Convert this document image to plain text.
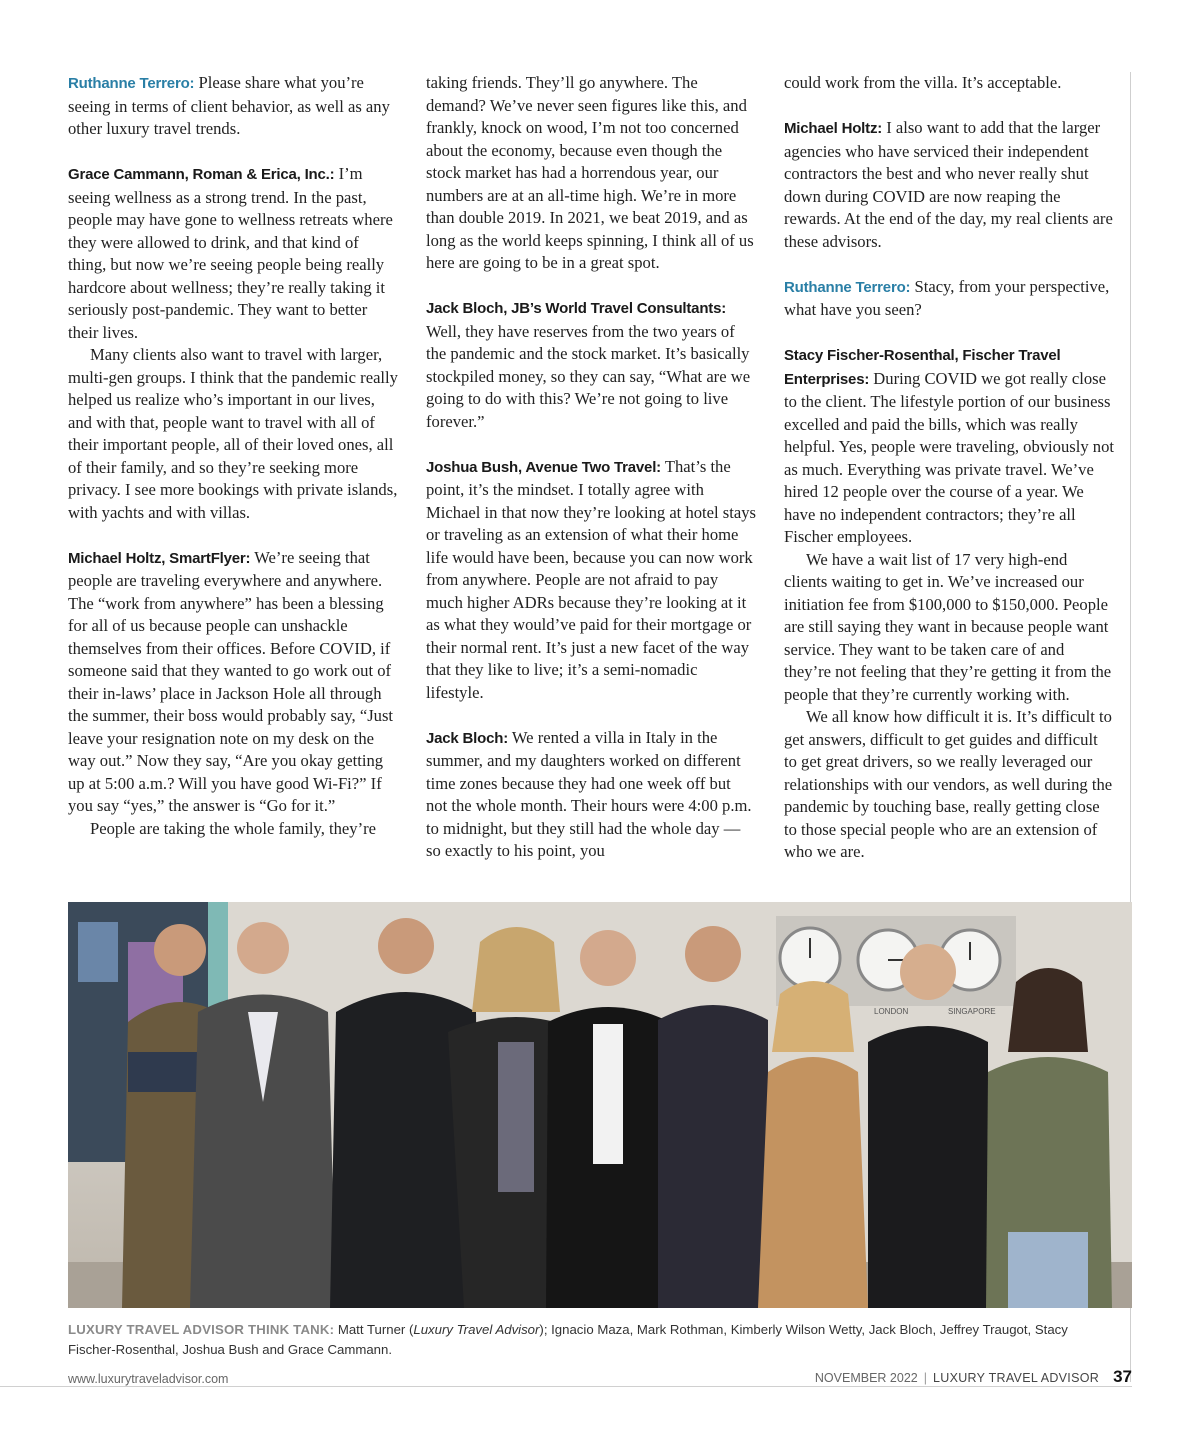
Ruthanne Terrero: Please share what you’re seeing in terms of client behavior, as well as any other luxury travel trends.

Grace Cammann, Roman & Erica, Inc.: I’m seeing wellness as a strong trend. In the past, people may have gone to wellness retreats where they were allowed to drink, and that kind of thing, but now we’re seeing people being really hardcore about wellness; they’re really taking it seriously post-pandemic. They want to better their lives.

Many clients also want to travel with larger, multi-gen groups. I think that the pandemic really helped us realize who’s important in our lives, and with that, people want to travel with all of their important people, all of their loved ones, all of their family, and so they’re seeking more privacy. I see more bookings with private islands, with yachts and with villas.

Michael Holtz, SmartFlyer: We’re seeing that people are traveling everywhere and anywhere. The “work from anywhere” has been a blessing for all of us because people can unshackle themselves from their offices. Before COVID, if someone said that they wanted to go work out of their in-laws’ place in Jackson Hole all through the summer, their boss would probably say, “Just leave your resignation note on my desk on the way out.” Now they say, “Are you okay getting up at 5:00 a.m.? Will you have good Wi-Fi?” If you say “yes,” the answer is “Go for it.”

People are taking the whole family, they’re

taking friends. They’ll go anywhere. The demand? We’ve never seen figures like this, and frankly, knock on wood, I’m not too concerned about the economy, because even though the stock market has had a horrendous year, our numbers are at an all-time high. We’re in more than double 2019. In 2021, we beat 2019, and as long as the world keeps spinning, I think all of us here are going to be in a great spot.

Jack Bloch, JB’s World Travel Consultants: Well, they have reserves from the two years of the pandemic and the stock market. It’s basically stockpiled money, so they can say, “What are we going to do with this? We’re not going to live forever.”

Joshua Bush, Avenue Two Travel: That’s the point, it’s the mindset. I totally agree with Michael in that now they’re looking at hotel stays or traveling as an extension of what their home life would have been, because you can now work from anywhere. People are not afraid to pay much higher ADRs because they’re looking at it as what they would’ve paid for their mortgage or their normal rent. It’s just a new facet of the way that they like to live; it’s a semi-nomadic lifestyle.

Jack Bloch: We rented a villa in Italy in the summer, and my daughters worked on different time zones because they had one week off but not the whole month. Their hours were 4:00 p.m. to midnight, but they still had the whole day — so exactly to his point, you

could work from the villa. It’s acceptable.

Michael Holtz: I also want to add that the larger agencies who have serviced their independent contractors the best and who never really shut down during COVID are now reaping the rewards. At the end of the day, my real clients are these advisors.

Ruthanne Terrero: Stacy, from your perspective, what have you seen?

Stacy Fischer-Rosenthal, Fischer Travel Enterprises: During COVID we got really close to the client. The lifestyle portion of our business excelled and paid the bills, which was really helpful. Yes, people were traveling, obviously not as much. Everything was private travel. We’ve hired 12 people over the course of a year. We have no independent contractors; they’re all Fischer employees.

We have a wait list of 17 very high-end clients waiting to get in. We’ve increased our initiation fee from $100,000 to $150,000. People are still saying they want in because people want service. They want to be taken care of and they’re not feeling that they’re getting it from the people that they’re currently working with.

We all know how difficult it is. It’s difficult to get answers, difficult to get guides and difficult to get great drivers, so we really leveraged our relationships with our vendors, as well during the pandemic by touching base, really getting close to those special people who are an extension of who we are.

LONDON	SINGAPORE
LUXURY TRAVEL ADVISOR THINK TANK: Matt Turner (Luxury Travel Advisor); Ignacio Maza, Mark Rothman, Kimberly Wilson Wetty, Jack Bloch, Jeffrey Traugot, Stacy Fischer-Rosenthal, Joshua Bush and Grace Cammann.
www.luxurytraveladvisor.com	NOVEMBER 2022 | LUXURY TRAVEL ADVISOR 37
